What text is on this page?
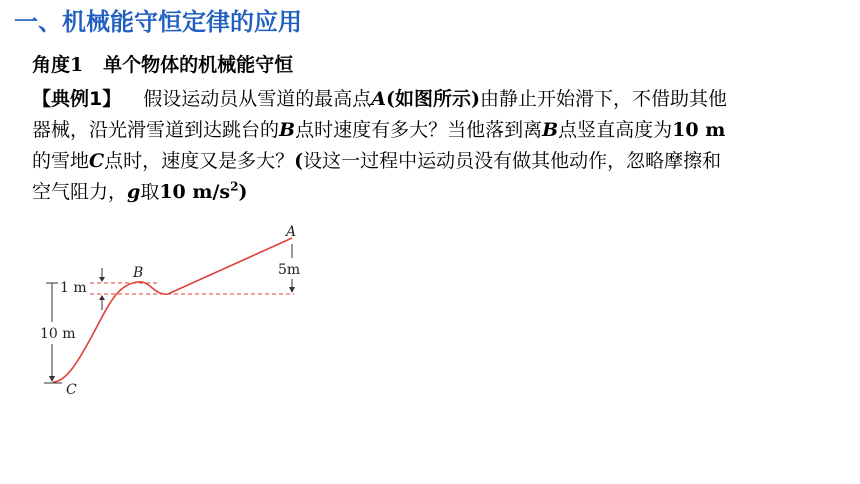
一、机械能守恒定律的应用
角度1 单个物体的机械能守恒
【典例1】 假设运动员从雪道的最高点A(如图所示)由静止开始滑下，不借助其他
器械，沿光滑雪道到达跳台的B点时速度有多大？当他落到离B点竖直高度为10 m
的雪地C点时，速度又是多大？(设这一过程中运动员没有做其他动作，忽略摩擦和
空气阻力，g取10 $m/s^2$)
A
B
C
5m
1 m
10 m
